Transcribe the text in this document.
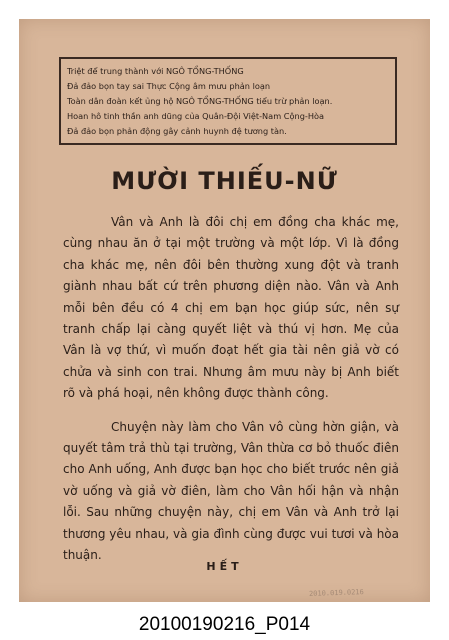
Triệt để trung thành với NGÔ TỔNG-THỐNG
Đả đảo bọn tay sai Thực Cộng âm mưu phản loạn
Toàn dân đoàn kết ủng hộ NGÔ TỔNG-THỐNG tiểu trừ phản loạn.
Hoan hô tinh thần anh dũng của Quân-Đội Việt-Nam Cộng-Hòa
Đả đảo bọn phản động gây cảnh huynh đệ tương tàn.
MƯỜI THIẾU-NỮ

Vân và Anh là đôi chị em đồng cha khác mẹ, cùng nhau ăn ở tại một trường và một lớp. Vì là đồng cha khác mẹ, nên đôi bên thường xung đột và tranh giành nhau bất cứ trên phương diện nào. Vân và Anh mỗi bên đều có 4 chị em bạn học giúp sức, nên sự tranh chấp lại càng quyết liệt và thú vị hơn. Mẹ của Vân là vợ thứ, vì muốn đoạt hết gia tài nên giả vờ có chửa và sinh con trai. Nhưng âm mưu này bị Anh biết rõ và phá hoại, nên không được thành công.

Chuyện này làm cho Vân vô cùng hờn giận, và quyết tâm trả thù tại trường, Vân thừa cơ bỏ thuốc điên cho Anh uống, Anh được bạn học cho biết trước nên giả vờ uống và giả vờ điên, làm cho Vân hối hận và nhận lỗi. Sau những chuyện này, chị em Vân và Anh trở lại thương yêu nhau, và gia đình cùng được vui tươi và hòa thuận.

HẾT
2010.019.0216
20100190216_P014
